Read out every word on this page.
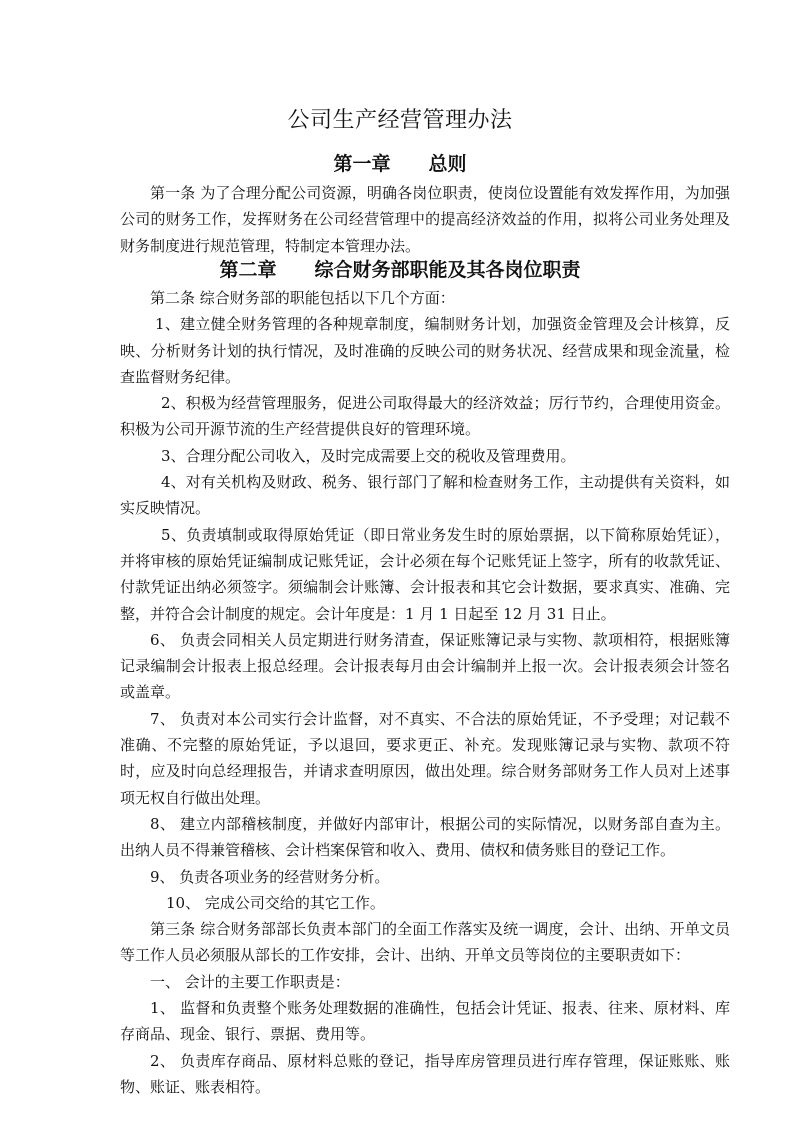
公司生产经营管理办法
第一章　　总则

第一条 为了合理分配公司资源，明确各岗位职责，使岗位设置能有效发挥作用，为加强公司的财务工作，发挥财务在公司经营管理中的提高经济效益的作用，拟将公司业务处理及财务制度进行规范管理，特制定本管理办法。

第二章　　综合财务部职能及其各岗位职责

第二条 综合财务部的职能包括以下几个方面：

1、建立健全财务管理的各种规章制度，编制财务计划，加强资金管理及会计核算，反映、分析财务计划的执行情况，及时准确的反映公司的财务状况、经营成果和现金流量，检查监督财务纪律。

2、积极为经营管理服务，促进公司取得最大的经济效益；厉行节约，合理使用资金。积极为公司开源节流的生产经营提供良好的管理环境。

3、合理分配公司收入，及时完成需要上交的税收及管理费用。

4、对有关机构及财政、税务、银行部门了解和检查财务工作，主动提供有关资料，如实反映情况。

5、负责填制或取得原始凭证（即日常业务发生时的原始票据，以下简称原始凭证），并将审核的原始凭证编制成记账凭证，会计必须在每个记账凭证上签字，所有的收款凭证、付款凭证出纳必须签字。须编制会计账簿、会计报表和其它会计数据，要求真实、准确、完整，并符合会计制度的规定。会计年度是：1 月 1 日起至 12 月 31 日止。

6、 负责会同相关人员定期进行财务清查，保证账簿记录与实物、款项相符，根据账簿记录编制会计报表上报总经理。会计报表每月由会计编制并上报一次。会计报表须会计签名或盖章。

7、 负责对本公司实行会计监督，对不真实、不合法的原始凭证，不予受理；对记载不准确、不完整的原始凭证，予以退回，要求更正、补充。发现账簿记录与实物、款项不符时，应及时向总经理报告，并请求查明原因，做出处理。综合财务部财务工作人员对上述事项无权自行做出处理。

8、 建立内部稽核制度，并做好内部审计，根据公司的实际情况，以财务部自查为主。出纳人员不得兼管稽核、会计档案保管和收入、费用、债权和债务账目的登记工作。

9、 负责各项业务的经营财务分析。

10、 完成公司交给的其它工作。

第三条 综合财务部部长负责本部门的全面工作落实及统一调度，会计、出纳、开单文员等工作人员必须服从部长的工作安排，会计、出纳、开单文员等岗位的主要职责如下：

一、 会计的主要工作职责是：

1、 监督和负责整个账务处理数据的准确性，包括会计凭证、报表、往来、原材料、库存商品、现金、银行、票据、费用等。

2、 负责库存商品、原材料总账的登记，指导库房管理员进行库存管理，保证账账、账物、账证、账表相符。
